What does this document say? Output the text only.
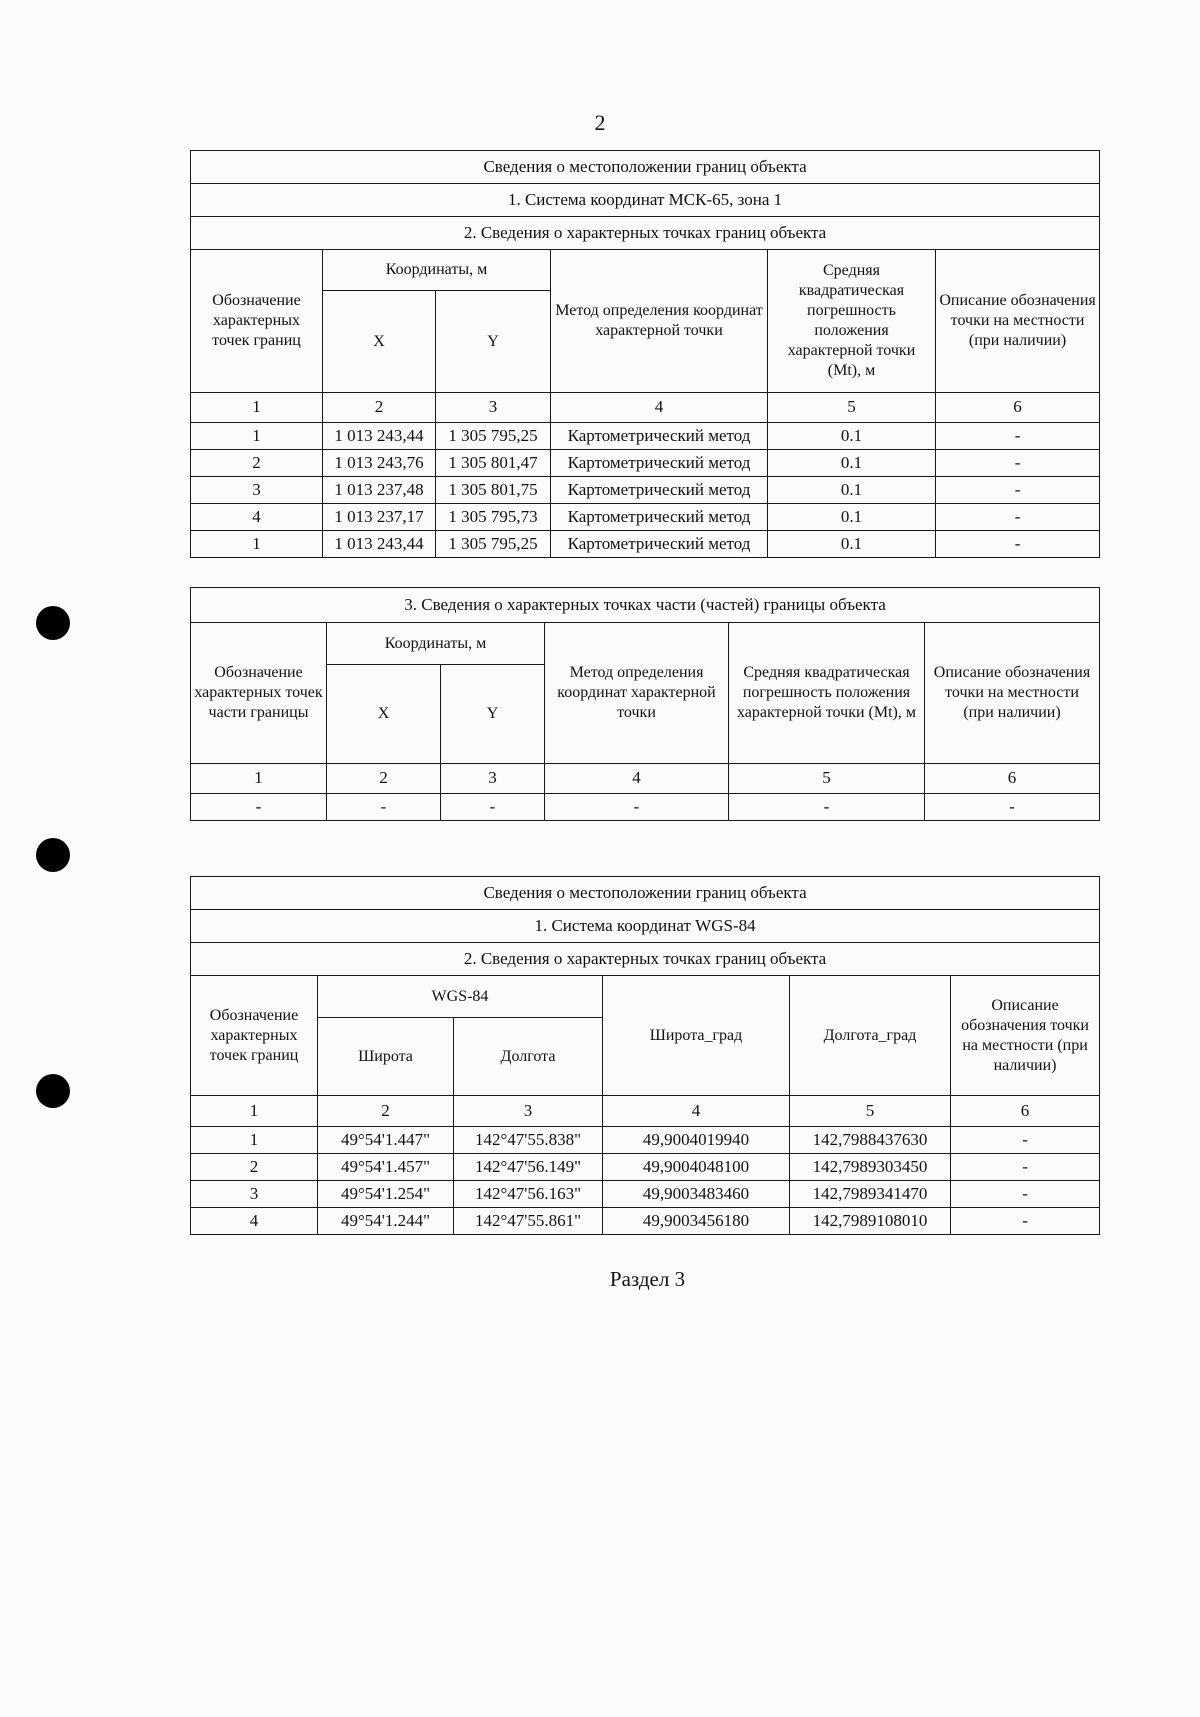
2
Сведения о местоположении границ объекта					
1. Система координат МСК-65, зона 1					
2. Сведения о характерных точках границ объекта					
Обозначение характерных точек границ	Координаты, м		Метод определения координат характерной точки	Средняя квадратическая погрешность положения характерной точки (Mt), м	Описание обозначения точки на местности (при наличии)
	X	Y			
1	2	3	4	5	6
1	1 013 243,44	1 305 795,25	Картометрический метод	0.1	-
2	1 013 243,76	1 305 801,47	Картометрический метод	0.1	-
3	1 013 237,48	1 305 801,75	Картометрический метод	0.1	-
4	1 013 237,17	1 305 795,73	Картометрический метод	0.1	-
1	1 013 243,44	1 305 795,25	Картометрический метод	0.1	-
3. Сведения о характерных точках части (частей) границы объекта					
Обозначение характерных точек части границы	Координаты, м		Метод определения координат характерной точки	Средняя квадратическая погрешность положения характерной точки (Mt), м	Описание обозначения точки на местности (при наличии)
	X	Y			
1	2	3	4	5	6
-	-	-	-	-	-
Сведения о местоположении границ объекта					
1. Система координат WGS-84					
2. Сведения о характерных точках границ объекта					
Обозначение характерных точек границ	WGS-84		Широта_град	Долгота_град	Описание обозначения точки на местности (при наличии)
	Широта	Долгота			
1	2	3	4	5	6
1	49°54'1.447"	142°47'55.838"	49,9004019940	142,7988437630	-
2	49°54'1.457"	142°47'56.149"	49,9004048100	142,7989303450	-
3	49°54'1.254"	142°47'56.163"	49,9003483460	142,7989341470	-
4	49°54'1.244"	142°47'55.861"	49,9003456180	142,7989108010	-
Раздел 3
